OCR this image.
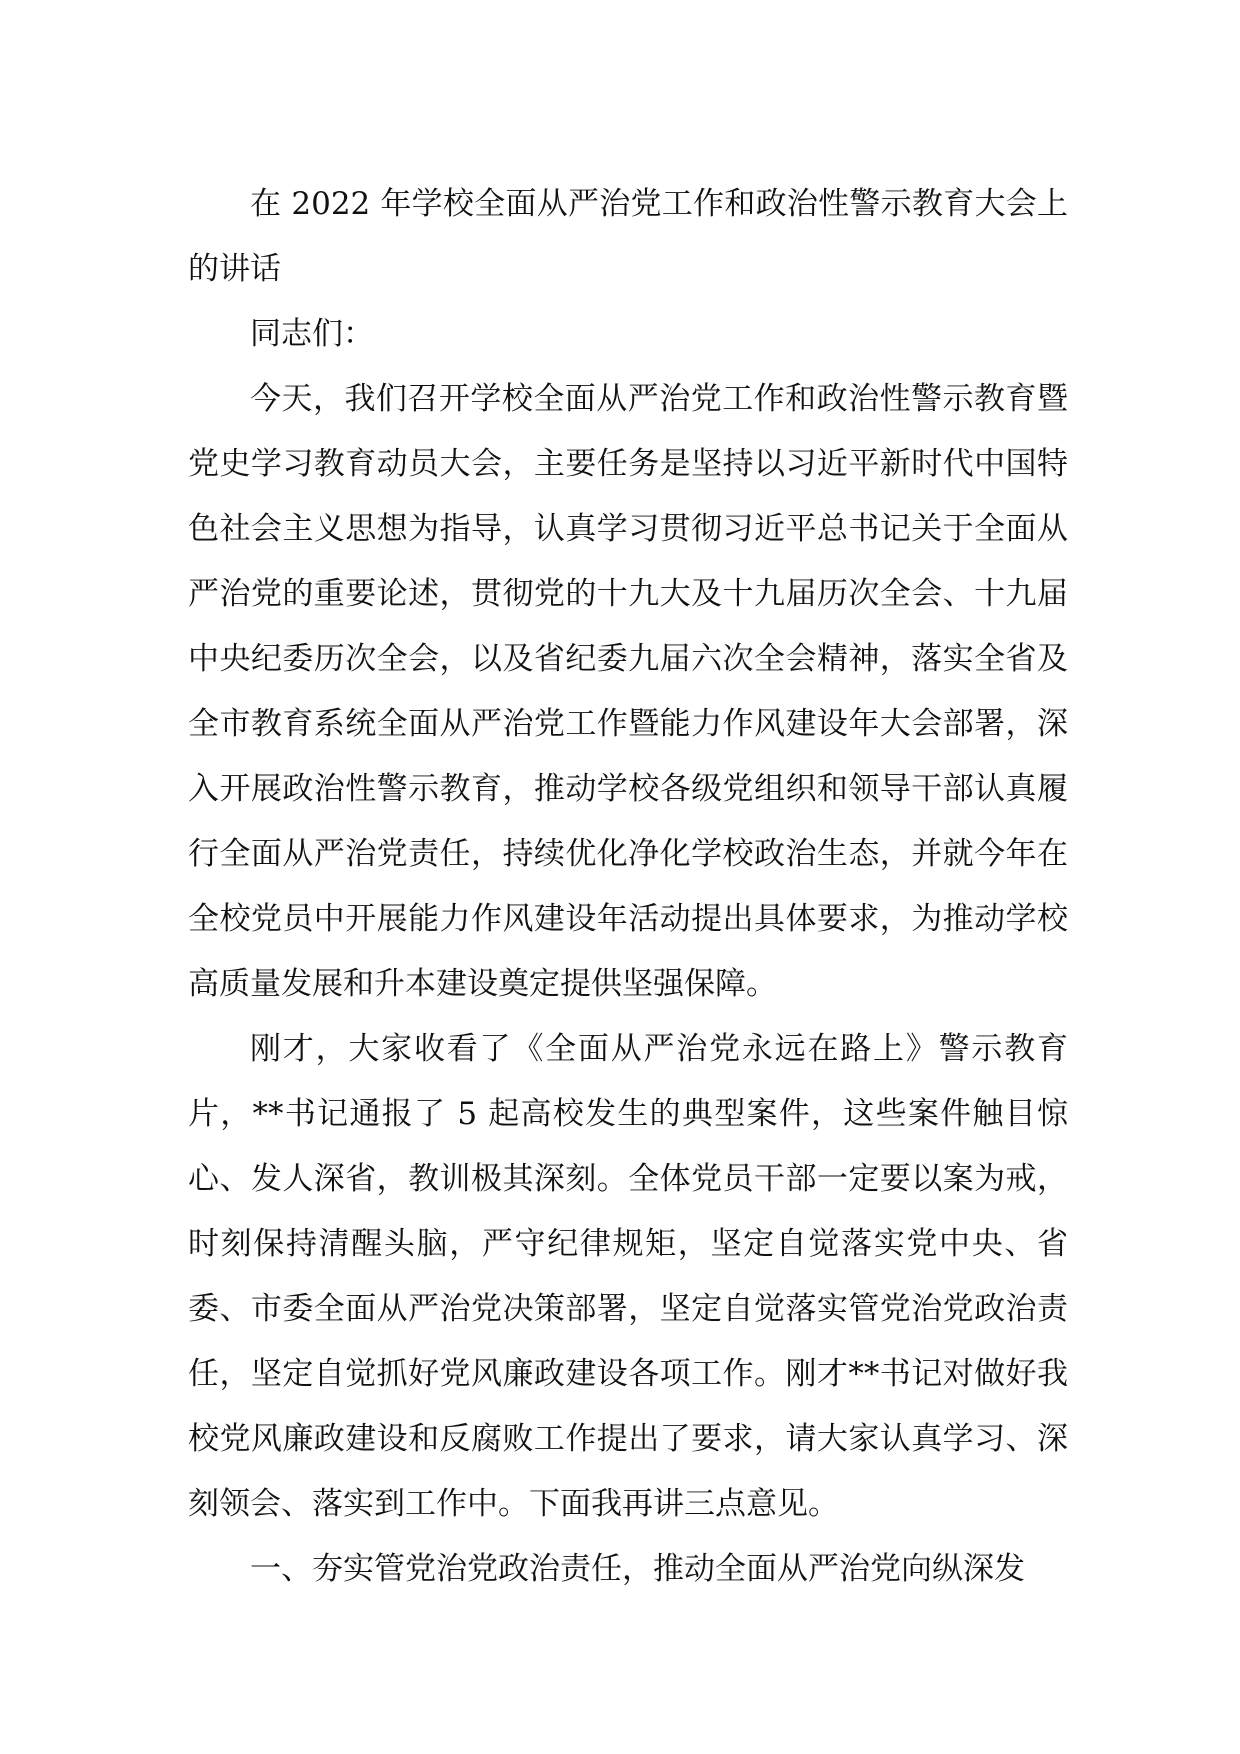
在 2022 年学校全面从严治党工作和政治性警示教育大会上的讲话

同志们：

今天，我们召开学校全面从严治党工作和政治性警示教育暨党史学习教育动员大会，主要任务是坚持以习近平新时代中国特色社会主义思想为指导，认真学习贯彻习近平总书记关于全面从严治党的重要论述，贯彻党的十九大及十九届历次全会、十九届中央纪委历次全会，以及省纪委九届六次全会精神，落实全省及全市教育系统全面从严治党工作暨能力作风建设年大会部署，深入开展政治性警示教育，推动学校各级党组织和领导干部认真履行全面从严治党责任，持续优化净化学校政治生态，并就今年在全校党员中开展能力作风建设年活动提出具体要求，为推动学校高质量发展和升本建设奠定提供坚强保障。

刚才，大家收看了《全面从严治党永远在路上》警示教育片，**书记通报了 5 起高校发生的典型案件，这些案件触目惊心、发人深省，教训极其深刻。全体党员干部一定要以案为戒，时刻保持清醒头脑，严守纪律规矩，坚定自觉落实党中央、省委、市委全面从严治党决策部署，坚定自觉落实管党治党政治责任，坚定自觉抓好党风廉政建设各项工作。刚才**书记对做好我校党风廉政建设和反腐败工作提出了要求，请大家认真学习、深刻领会、落实到工作中。下面我再讲三点意见。

一、夯实管党治党政治责任，推动全面从严治党向纵深发
